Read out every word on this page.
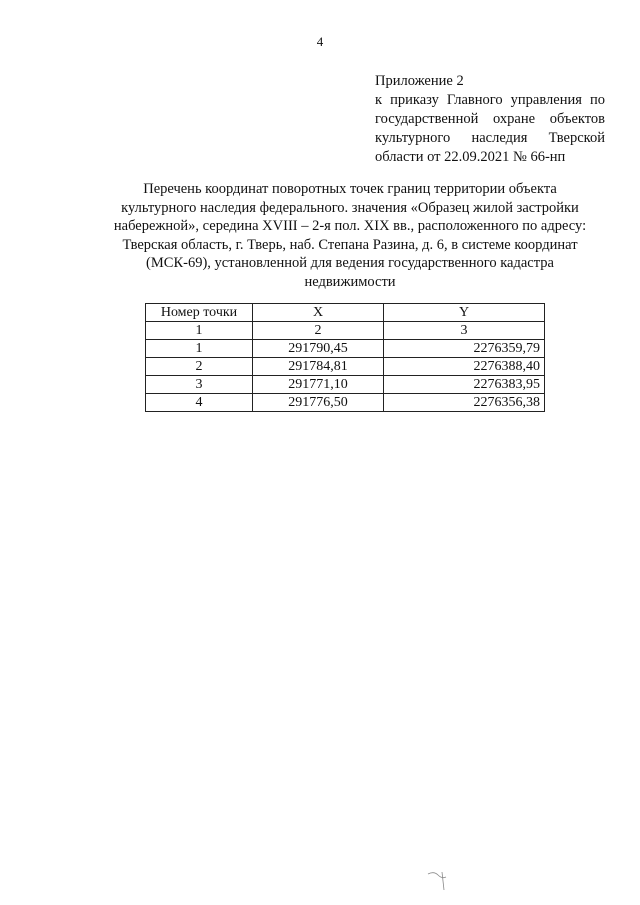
4
Приложение 2
к приказу Главного управления по
государственной охране объектов
культурного наследия Тверской
области от 22.09.2021 № 66-нп
Перечень координат поворотных точек границ территории объекта
культурного наследия федерального. значения «Образец жилой застройки
набережной», середина XVIII – 2-я пол. XIX вв., расположенного по адресу:
Тверская область, г. Тверь, наб. Степана Разина, д. 6, в системе координат
(МСК-69), установленной для ведения государственного кадастра
недвижимости
Номер точки	X	Y
1	2	3
1	291790,45	2276359,79
2	291784,81	2276388,40
3	291771,10	2276383,95
4	291776,50	2276356,38
